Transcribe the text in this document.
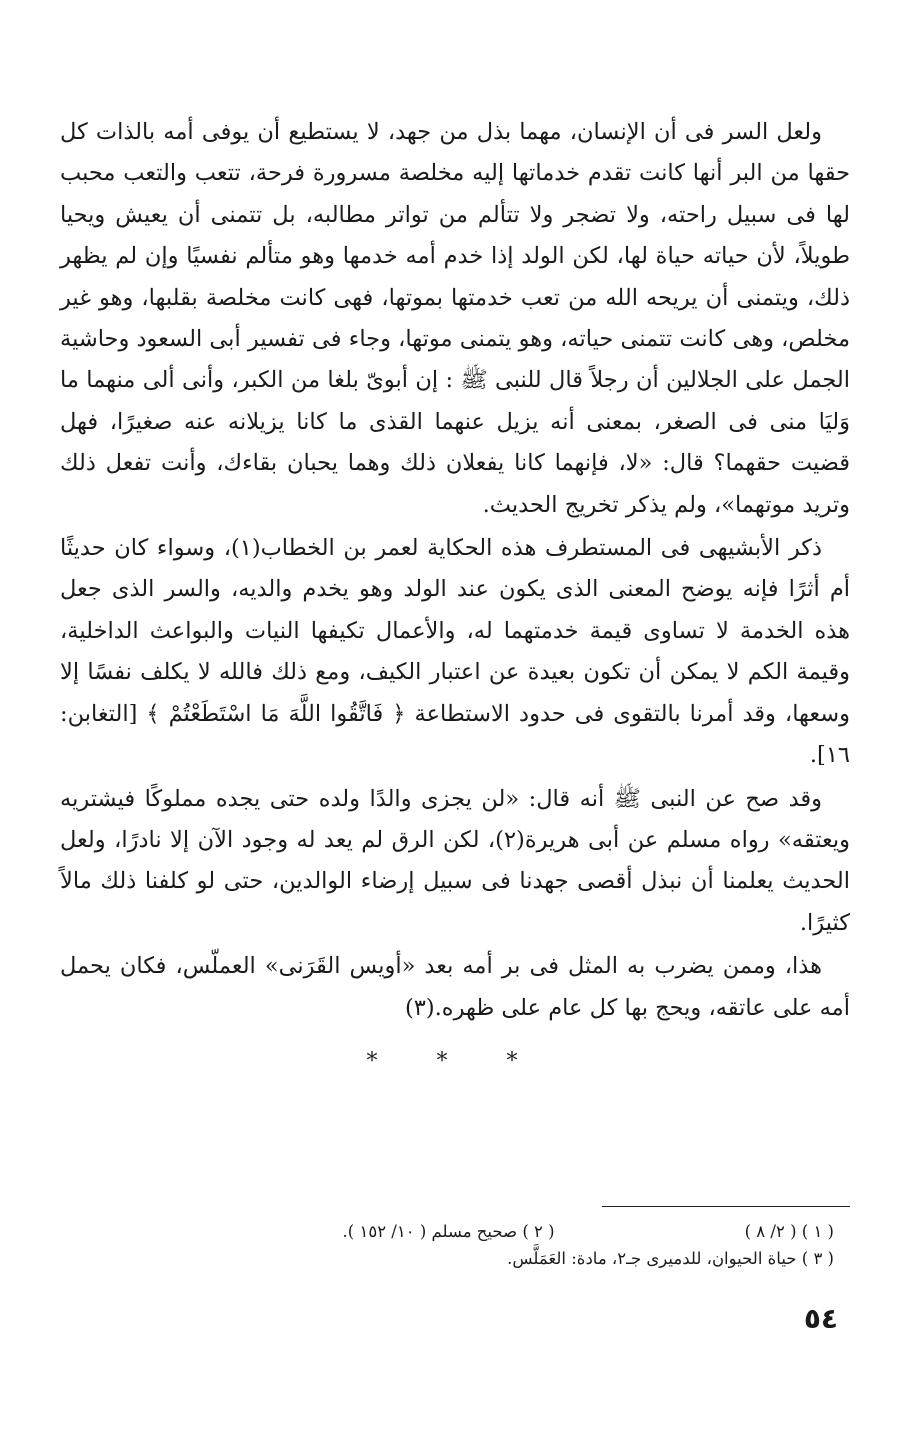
ولعل السر فى أن الإنسان، مهما بذل من جهد، لا يستطيع أن يوفى أمه بالذات كل حقها من البر أنها كانت تقدم خدماتها إليه مخلصة مسرورة فرحة، تتعب والتعب محبب لها فى سبيل راحته، ولا تضجر ولا تتألم من تواتر مطالبه، بل تتمنى أن يعيش ويحيا طويلاً، لأن حياته حياة لها، لكن الولد إذا خدم أمه خدمها وهو متألم نفسيًا وإن لم يظهر ذلك، ويتمنى أن يريحه الله من تعب خدمتها بموتها، فهى كانت مخلصة بقلبها، وهو غير مخلص، وهى كانت تتمنى حياته، وهو يتمنى موتها، وجاء فى تفسير أبى السعود وحاشية الجمل على الجلالين أن رجلاً قال للنبى ﷺ : إن أبوىّ بلغا من الكبر، وأنى ألى منهما ما وَليَا منى فى الصغر، بمعنى أنه يزيل عنهما القذى ما كانا يزيلانه عنه صغيرًا، فهل قضيت حقهما؟ قال: «لا، فإنهما كانا يفعلان ذلك وهما يحبان بقاءك، وأنت تفعل ذلك وتريد موتهما»، ولم يذكر تخريج الحديث.

ذكر الأبشيهى فى المستطرف هذه الحكاية لعمر بن الخطاب(١)، وسواء كان حديثًا أم أثرًا فإنه يوضح المعنى الذى يكون عند الولد وهو يخدم والديه، والسر الذى جعل هذه الخدمة لا تساوى قيمة خدمتهما له، والأعمال تكيفها النيات والبواعث الداخلية، وقيمة الكم لا يمكن أن تكون بعيدة عن اعتبار الكيف، ومع ذلك فالله لا يكلف نفسًا إلا وسعها، وقد أمرنا بالتقوى فى حدود الاستطاعة ﴿ فَاتَّقُوا اللَّهَ مَا اسْتَطَعْتُمْ ﴾ [التغابن: ١٦].

وقد صح عن النبى ﷺ أنه قال: «لن يجزى والدًا ولده حتى يجده مملوكًا فيشتريه ويعتقه» رواه مسلم عن أبى هريرة(٢)، لكن الرق لم يعد له وجود الآن إلا نادرًا، ولعل الحديث يعلمنا أن نبذل أقصى جهدنا فى سبيل إرضاء الوالدين، حتى لو كلفنا ذلك مالاً كثيرًا.

هذا، وممن يضرب به المثل فى بر أمه بعد «أويس القَرَنى» العملّس، فكان يحمل أمه على عاتقه، ويحج بها كل عام على ظهره.(٣)

* * *
( ١ ) ( ٢/ ٨ )
( ٢ ) صحيح مسلم ( ١٠/ ١٥٢ ).
( ٣ ) حياة الحيوان، للدميرى جـ٢، مادة: العَمَلَّس.
٥٤
